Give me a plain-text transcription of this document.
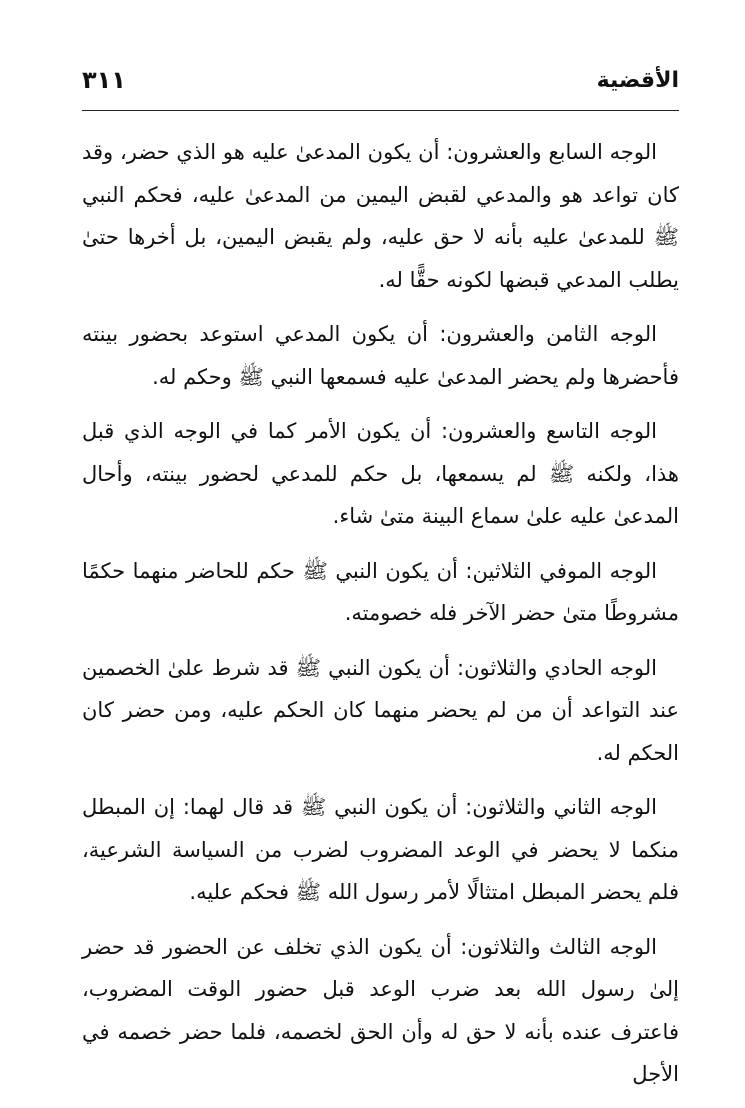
الأقضية
٣١١

الوجه السابع والعشرون: أن يكون المدعىٰ عليه هو الذي حضر، وقد كان تواعد هو والمدعي لقبض اليمين من المدعىٰ عليه، فحكم النبي ﷺ للمدعىٰ عليه بأنه لا حق عليه، ولم يقبض اليمين، بل أخرها حتىٰ يطلب المدعي قبضها لكونه حقًّا له.

الوجه الثامن والعشرون: أن يكون المدعي استوعد بحضور بينته فأحضرها ولم يحضر المدعىٰ عليه فسمعها النبي ﷺ وحكم له.

الوجه التاسع والعشرون: أن يكون الأمر كما في الوجه الذي قبل هذا، ولكنه ﷺ لم يسمعها، بل حكم للمدعي لحضور بينته، وأحال المدعىٰ عليه علىٰ سماع البينة متىٰ شاء.

الوجه الموفي الثلاثين: أن يكون النبي ﷺ حكم للحاضر منهما حكمًا مشروطًا متىٰ حضر الآخر فله خصومته.

الوجه الحادي والثلاثون: أن يكون النبي ﷺ قد شرط علىٰ الخصمين عند التواعد أن من لم يحضر منهما كان الحكم عليه، ومن حضر كان الحكم له.

الوجه الثاني والثلاثون: أن يكون النبي ﷺ قد قال لهما: إن المبطل منكما لا يحضر في الوعد المضروب لضرب من السياسة الشرعية، فلم يحضر المبطل امتثالًا لأمر رسول الله ﷺ فحكم عليه.

الوجه الثالث والثلاثون: أن يكون الذي تخلف عن الحضور قد حضر إلىٰ رسول الله بعد ضرب الوعد قبل حضور الوقت المضروب، فاعترف عنده بأنه لا حق له وأن الحق لخصمه، فلما حضر خصمه في الأجل
